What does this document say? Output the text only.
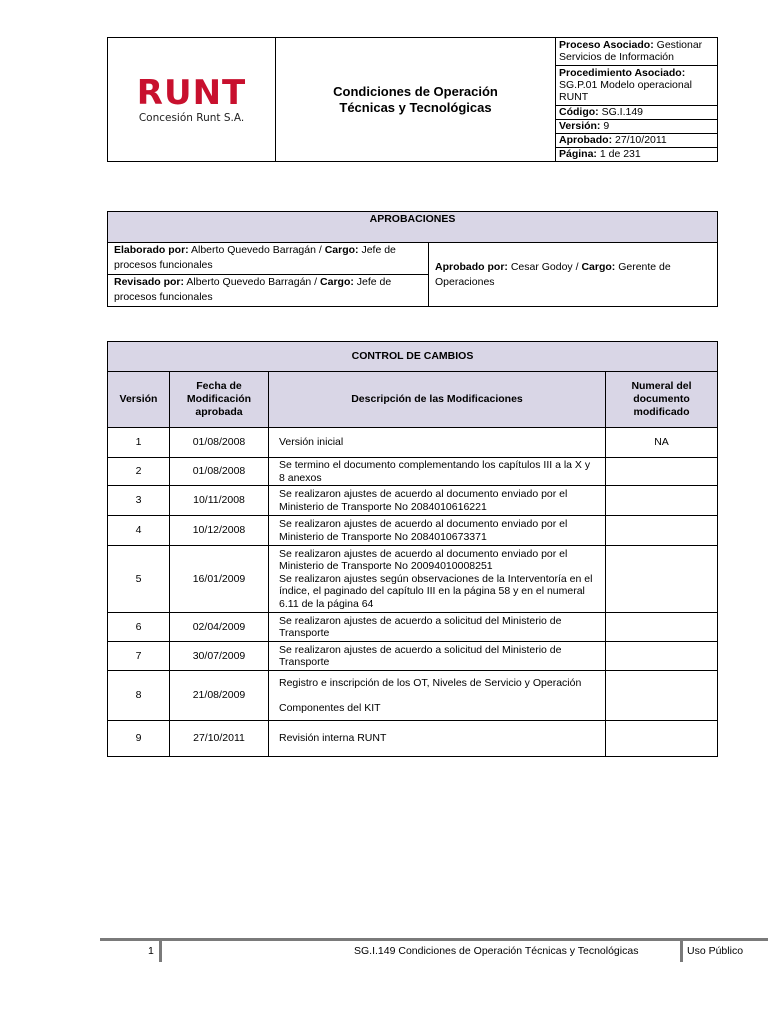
RUNT
Concesión Runt S.A.

Condiciones de Operación
Técnicas y Tecnológicas
	Proceso Asociado: Gestionar Servicios de Información
Procedimiento Asociado:
SG.P.01 Modelo operacional RUNT
Código: SG.I.149
Versión: 9
Aprobado: 27/10/2011
Página: 1 de 231
APROBACIONES
Elaborado por: Alberto Quevedo Barragán / Cargo: Jefe de procesos funcionales	Aprobado por: Cesar Godoy / Cargo: Gerente de Operaciones
Revisado por: Alberto Quevedo Barragán / Cargo: Jefe de procesos funcionales
CONTROL DE CAMBIOS			
Versión	Fecha de Modificación aprobada	Descripción de las Modificaciones	Numeral del documento modificado
1	01/08/2008	Versión inicial	NA
2	01/08/2008	Se termino el documento complementando los capítulos III a la X y 8 anexos	

3	10/11/2008	Se realizaron ajustes de acuerdo al documento enviado por el Ministerio de Transporte No 2084010616221	

4	10/12/2008	Se realizaron ajustes de acuerdo al documento enviado por el Ministerio de Transporte No 2084010673371	

5	16/01/2009	Se realizaron ajustes de acuerdo al documento enviado por el Ministerio de Transporte No 20094010008251
Se realizaron ajustes según observaciones de la Interventoría en el índice, el paginado del capítulo III en la página 58 y en el numeral 6.11 de la página 64	

6	02/04/2009	Se realizaron ajustes de acuerdo a solicitud del Ministerio de Transporte	

7	30/07/2009	Se realizaron ajustes de acuerdo a solicitud del Ministerio de Transporte	

8	21/08/2009	Registro e inscripción de los OT, Niveles de Servicio y Operación
Componentes del KIT	

9	27/10/2011	Revisión interna RUNT	

1	SG.I.149 Condiciones de Operación Técnicas y Tecnológicas	Uso Público
